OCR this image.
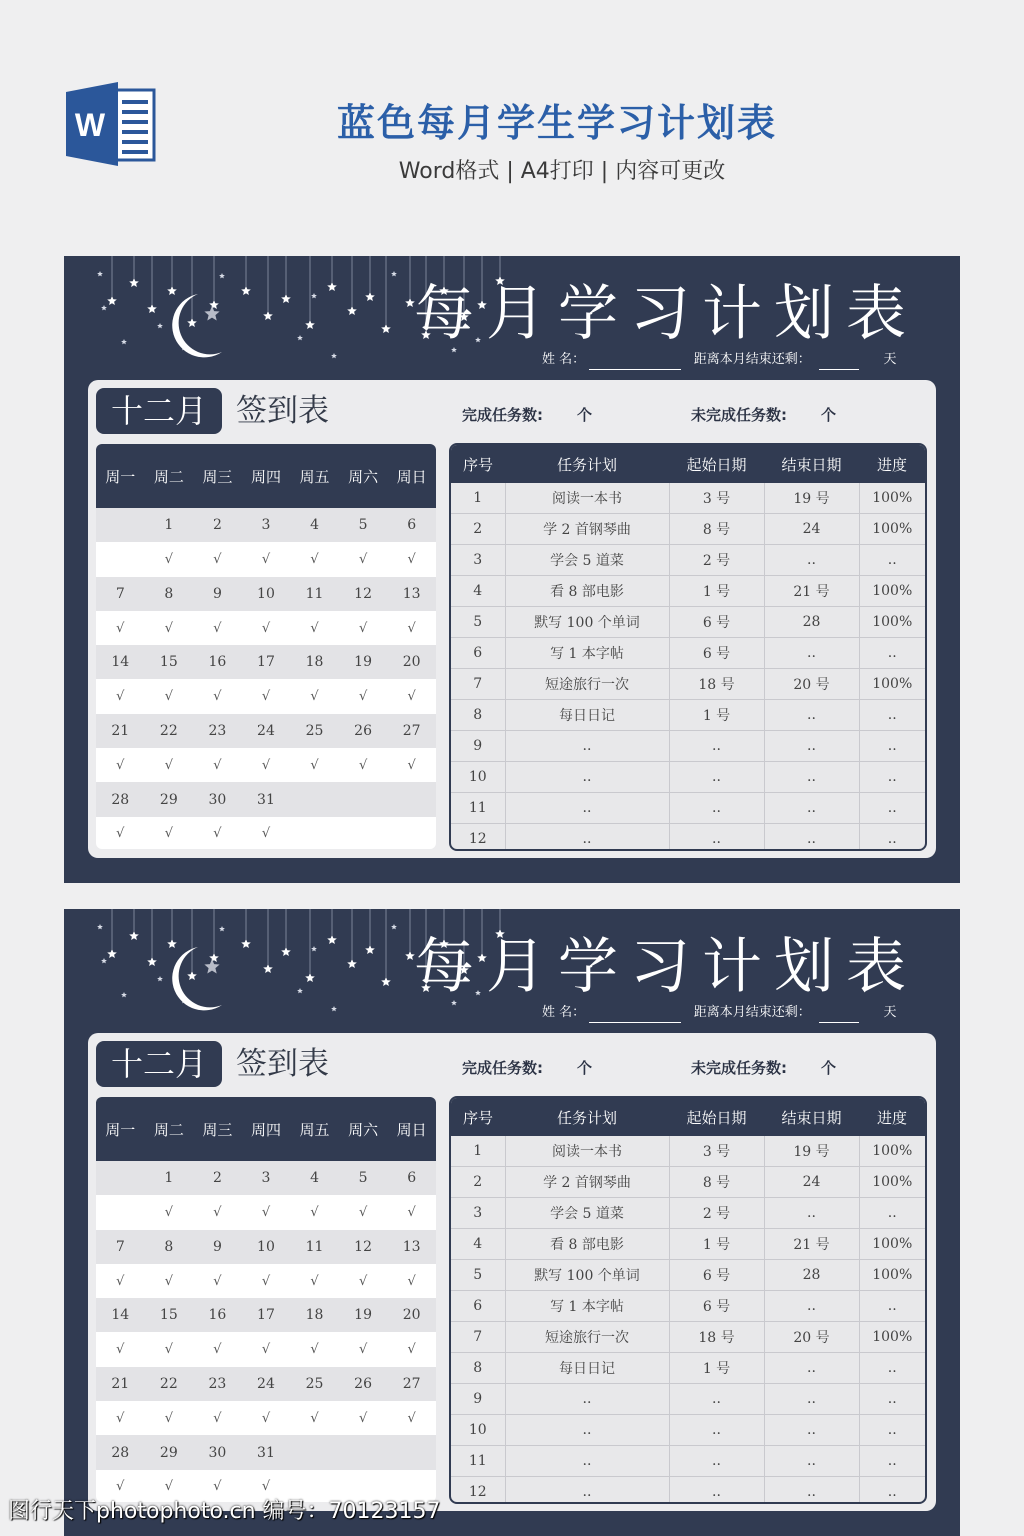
W	蓝色每月学生学习计划表
Word格式 | A4打印 | 内容可更改
每月学习计划表
姓 名：	距离本月结束还剩：	天
十二月 签到表	完成任务数: 个	未完成任务数: 个
周一	周二	周三	周四	周五	周六	周日
	1	2	3	4	5	6
	√	√	√	√	√	√
7	8	9	10	11	12	13
√	√	√	√	√	√	√
14	15	16	17	18	19	20
√	√	√	√	√	√	√
21	22	23	24	25	26	27
√	√	√	√	√	√	√
28	29	30	31			
√	√	√	√			
序号	任务计划	起始日期	结束日期	进度
1	阅读一本书	3 号	19 号	100%
2	学 2 首钢琴曲	8 号	24	100%
3	学会 5 道菜	2 号	..	..
4	看 8 部电影	1 号	21 号	100%
5	默写 100 个单词	6 号	28	100%
6	写 1 本字帖	6 号	..	..
7	短途旅行一次	18 号	20 号	100%
8	每日日记	1 号	..	..
9	..	..	..	..
10	..	..	..	..
11	..	..	..	..
12	..	..	..	..
每月学习计划表
姓 名：	距离本月结束还剩：	天
十二月 签到表	完成任务数: 个	未完成任务数: 个
周一	周二	周三	周四	周五	周六	周日
	1	2	3	4	5	6
	√	√	√	√	√	√
7	8	9	10	11	12	13
√	√	√	√	√	√	√
14	15	16	17	18	19	20
√	√	√	√	√	√	√
21	22	23	24	25	26	27
√	√	√	√	√	√	√
28	29	30	31			
√	√	√	√			
序号	任务计划	起始日期	结束日期	进度
1	阅读一本书	3 号	19 号	100%
2	学 2 首钢琴曲	8 号	24	100%
3	学会 5 道菜	2 号	..	..
4	看 8 部电影	1 号	21 号	100%
5	默写 100 个单词	6 号	28	100%
6	写 1 本字帖	6 号	..	..
7	短途旅行一次	18 号	20 号	100%
8	每日日记	1 号	..	..
9	..	..	..	..
10	..	..	..	..
11	..	..	..	..
12	..	..	..	..
图行天下photophoto.cn 编号：70123157
